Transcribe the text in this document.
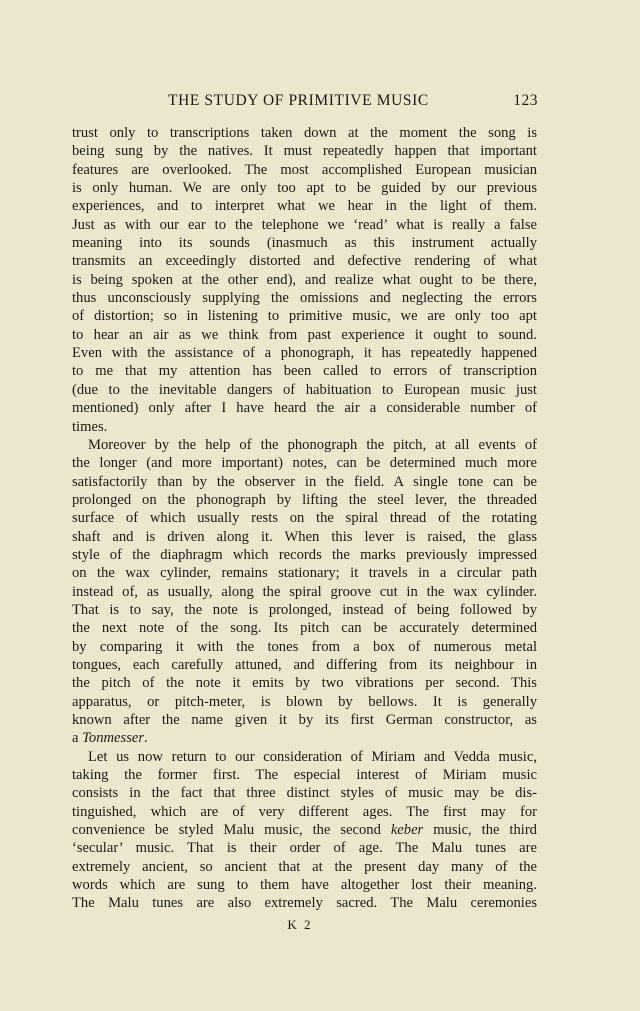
THE STUDY OF PRIMITIVE MUSIC	123
trust only to transcriptions taken down at the moment the song is
being sung by the natives. It must repeatedly happen that important
features are overlooked. The most accomplished European musician
is only human. We are only too apt to be guided by our previous
experiences, and to interpret what we hear in the light of them.
Just as with our ear to the telephone we ‘read’ what is really a false
meaning into its sounds (inasmuch as this instrument actually
transmits an exceedingly distorted and defective rendering of what
is being spoken at the other end), and realize what ought to be there,
thus unconsciously supplying the omissions and neglecting the errors
of distortion; so in listening to primitive music, we are only too apt
to hear an air as we think from past experience it ought to sound.
Even with the assistance of a phonograph, it has repeatedly happened
to me that my attention has been called to errors of transcription
(due to the inevitable dangers of habituation to European music just
mentioned) only after I have heard the air a considerable number of
times.
Moreover by the help of the phonograph the pitch, at all events of
the longer (and more important) notes, can be determined much more
satisfactorily than by the observer in the field. A single tone can be
prolonged on the phonograph by lifting the steel lever, the threaded
surface of which usually rests on the spiral thread of the rotating
shaft and is driven along it. When this lever is raised, the glass
style of the diaphragm which records the marks previously impressed
on the wax cylinder, remains stationary; it travels in a circular path
instead of, as usually, along the spiral groove cut in the wax cylinder.
That is to say, the note is prolonged, instead of being followed by
the next note of the song. Its pitch can be accurately determined
by comparing it with the tones from a box of numerous metal
tongues, each carefully attuned, and differing from its neighbour in
the pitch of the note it emits by two vibrations per second. This
apparatus, or pitch-meter, is blown by bellows. It is generally
known after the name given it by its first German constructor, as
a Tonmesser.
Let us now return to our consideration of Miriam and Vedda music,
taking the former first. The especial interest of Miriam music
consists in the fact that three distinct styles of music may be dis-
tinguished, which are of very different ages. The first may for
convenience be styled Malu music, the second keber music, the third
‘secular’ music. That is their order of age. The Malu tunes are
extremely ancient, so ancient that at the present day many of the
words which are sung to them have altogether lost their meaning.
The Malu tunes are also extremely sacred. The Malu ceremonies
K 2
